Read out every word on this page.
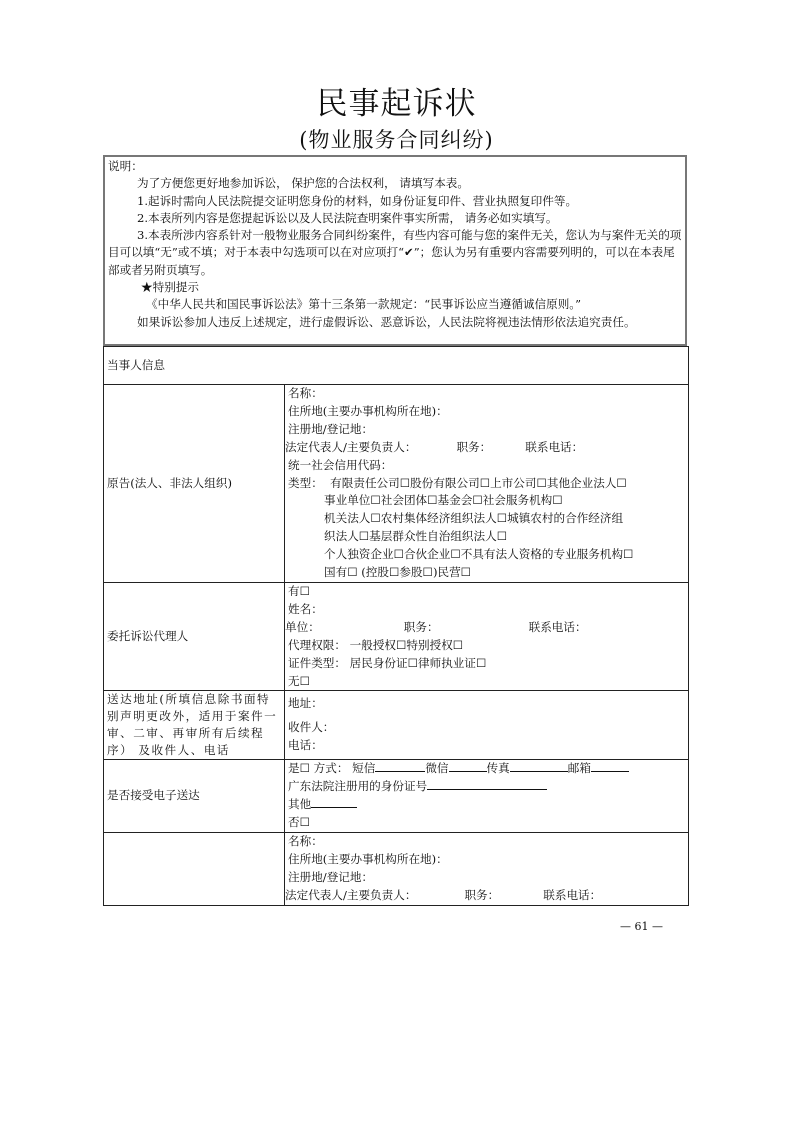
民事起诉状
(物业服务合同纠纷)

说明：

为了方便您更好地参加诉讼， 保护您的合法权利， 请填写本表。

1.起诉时需向人民法院提交证明您身份的材料，如身份证复印件、营业执照复印件等。

2.本表所列内容是您提起诉讼以及人民法院查明案件事实所需， 请务必如实填写。

3.本表所涉内容系针对一般物业服务合同纠纷案件，有些内容可能与您的案件无关，您认为与案件无关的项目可以填“无”或不填；对于本表中勾选项可以在对应项打“✔”；您认为另有重要内容需要列明的，可以在本表尾部或者另附页填写。

★特别提示

《中华人民共和国民事诉讼法》第十三条第一款规定：“民事诉讼应当遵循诚信原则。”

如果诉讼参加人违反上述规定，进行虚假诉讼、恶意诉讼，人民法院将视违法情形依法追究责任。

当事人信息	
原告(法人、非法人组织)	
名称：
住所地(主要办事机构所在地)：
注册地/登记地：
法定代表人/主要负责人：	职务：	联系电话：
统一社会信用代码：
类型： 有限责任公司☐股份有限公司☐上市公司☐其他企业法人☐
事业单位☐社会团体☐基金会☐社会服务机构☐
机关法人☐农村集体经济组织法人☐城镇农村的合作经济组
织法人☐基层群众性自治组织法人☐
个人独资企业☐合伙企业☐不具有法人资格的专业服务机构☐
国有☐ (控股☐参股☐)民营☐

委托诉讼代理人	
有☐
姓名：
单位：	职务：	联系电话：
代理权限： 一般授权☐特别授权☐
证件类型： 居民身份证☐律师执业证☐
无☐

送达地址(所填信息除书面特别声明更改外，适用于案件一审、二审、再审所有后续程序） 及收件人、电话	地址：
收件人：
电话：

是否接受电子送达	是☐ 方式： 短信 微信 传真 邮箱
广东法院注册用的身份证号
其他
否☐

	名称：
住所地(主要办事机构所在地)：
注册地/登记地：
法定代表人/主要负责人： 职务： 联系电话：
— 61 —
